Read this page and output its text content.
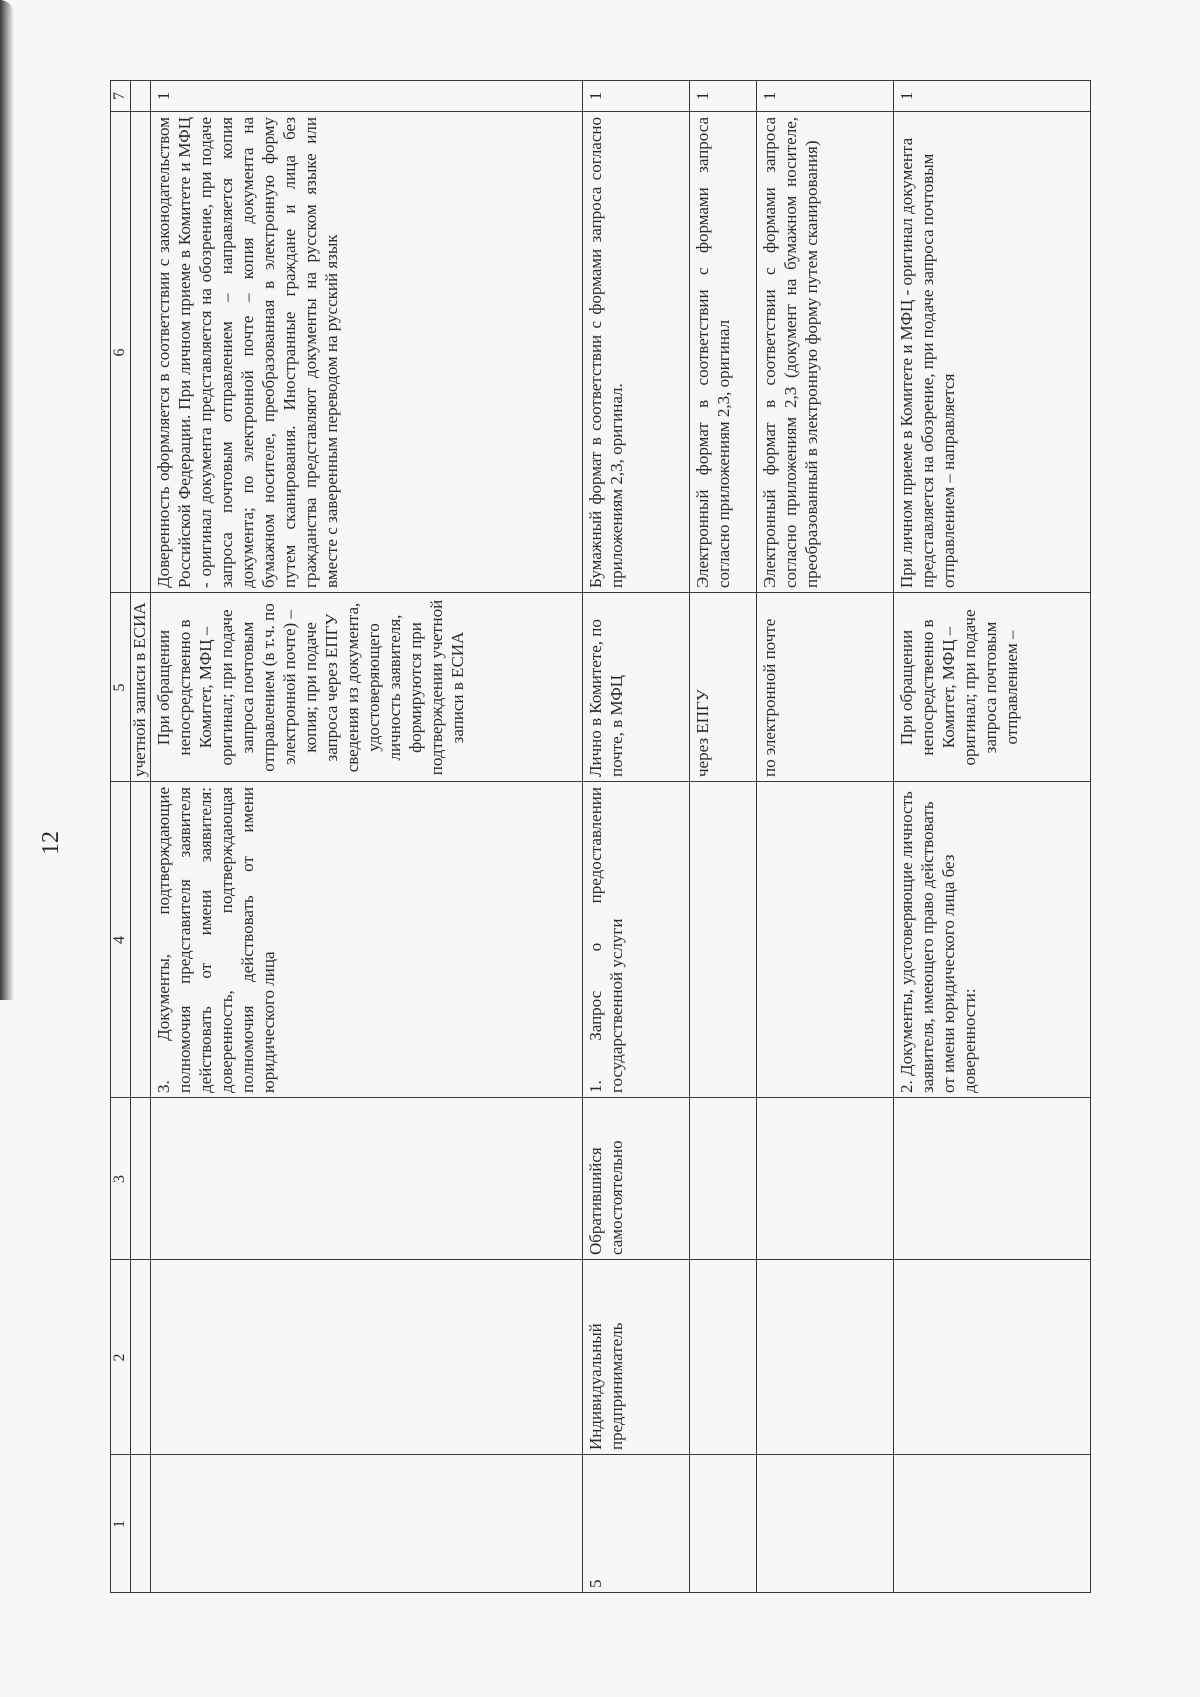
12
1
2
3
4
5
6
7
учетной записи в ЕСИА
3. Документы, подтверждающие полномочия представителя заявителя действовать от имени заявителя: доверенность, подтверждающая полномочия действовать от имени юридического лица
При обращении непосредственно в Комитет, МФЦ – оригинал; при подаче запроса почтовым отправлением (в т.ч. по электронной почте) – копия; при подаче запроса через ЕПГУ сведения из документа, удостоверяющего личность заявителя, формируются при подтверждении учетной записи в ЕСИА
Доверенность оформляется в соответствии с законодательством Российской Федерации. При личном приеме в Комитете и МФЦ - оригинал документа представляется на обозрение, при подаче запроса почтовым отправлением – направляется копия документа; по электронной почте – копия документа на бумажном носителе, преобразованная в электронную форму путем сканирования. Иностранные граждане и лица без гражданства представляют документы на русском языке или вместе с заверенным переводом на русский язык
1
5
Индивидуальный предприниматель
Обратившийся самостоятельно
1. Запрос о предоставлении государственной услуги
Лично в Комитете, по почте, в МФЦ
Бумажный формат в соответствии с формами запроса согласно приложениям 2,3, оригинал.
1
через ЕПГУ
Электронный формат в соответствии с формами запроса согласно приложениям 2,3, оригинал
1
по электронной почте
Электронный формат в соответствии с формами запроса согласно приложениям 2,3 (документ на бумажном носителе, преобразованный в электронную форму путем сканирования)
1
2. Документы, удостоверяющие личность заявителя, имеющего право действовать от имени юридического лица без доверенности:
При обращении непосредственно в Комитет, МФЦ – оригинал; при подаче запроса почтовым отправлением –
При личном приеме в Комитете и МФЦ - оригинал документа представляется на обозрение, при подаче запроса почтовым отправлением – направляется
1
